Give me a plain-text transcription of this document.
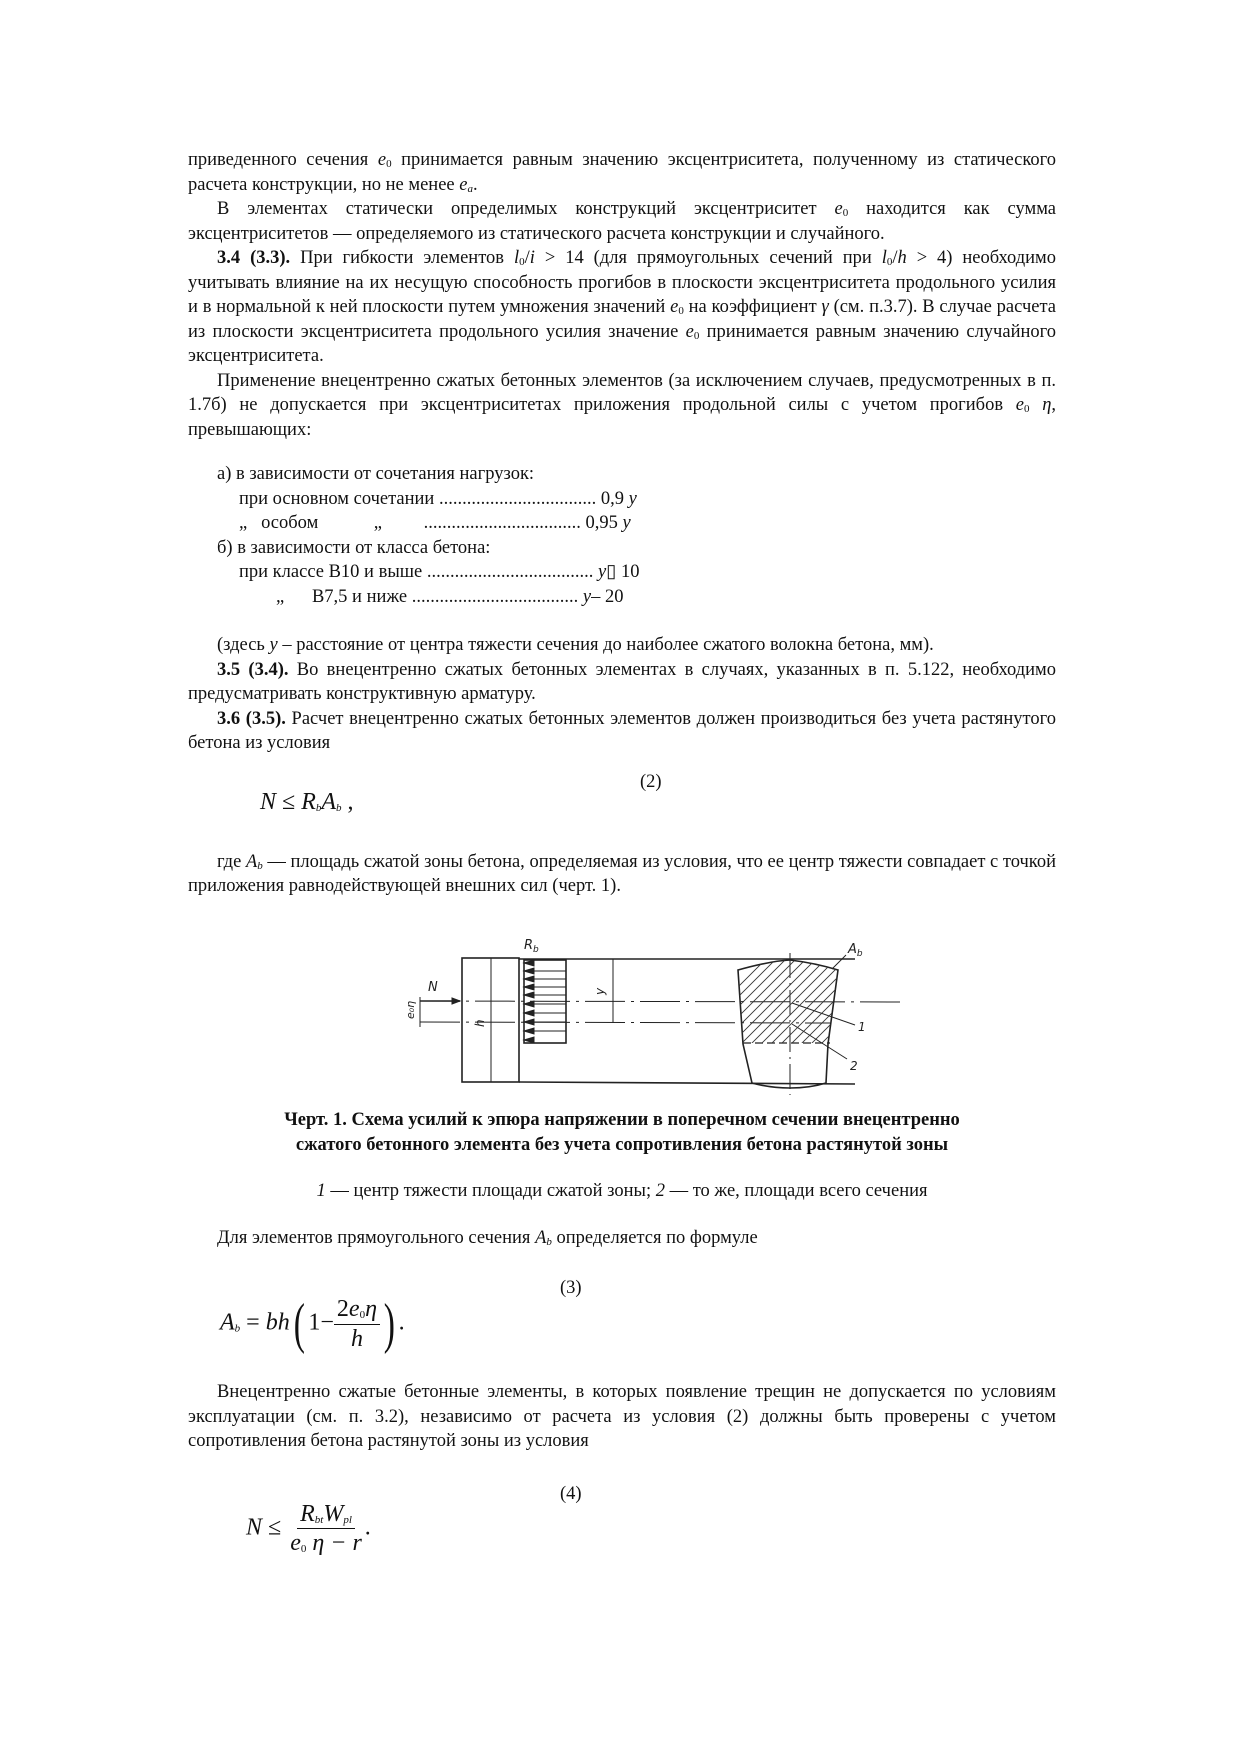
приведенного сечения $e_0$ принимается равным значению эксцентриситета, полученному из статического расчета конструкции, но не менее $e_a$.

В элементах статически определимых конструкций эксцентриситет $e_0$ находится как сумма эксцентриситетов — определяемого из статического расчета конструкции и случайного.

3.4 (3.3). При гибкости элементов $l_0/i > 14$ (для прямоугольных сечений при $l_0/h > 4$) необходимо учитывать влияние на их несущую способность прогибов в плоскости эксцентриситета продольного усилия и в нормальной к ней плоскости путем умножения значений $e_0$ на коэффициент γ (см. п.3.7). В случае расчета из плоскости эксцентриситета продольного усилия значение $e_0$ принимается равным значению случайного эксцентриситета.

Применение внецентренно сжатых бетонных элементов (за исключением случаев, предусмотренных в п. 1.7б) не допускается при эксцентриситетах приложения продольной силы с учетом прогибов $e_0$ η, превышающих:

а) в зависимости от сочетания нагрузок:
при основном сочетании
..................................
0,9
y
„   особом            „ ..................................
0,95
y
б) в зависимости от класса бетона:
при классе В10 и выше
....................................
y ▯ 10
„      В7,5 и ниже
....................................
y – 20

(здесь y – расстояние от центра тяжести сечения до наиболее сжатого волокна бетона, мм).

3.5 (3.4). Во внецентренно сжатых бетонных элементах в случаях, указанных в п. 5.122, необходимо предусматривать конструктивную арматуру.

3.6 (3.5). Расчет внецентренно сжатых бетонных элементов должен производиться без учета растянутого бетона из условия

(2)
$N \le R_bA_b$ ,

где $A_b$ — площадь сжатой зоны бетона, определяемая из условия, что ее центр тяжести совпадает с точкой приложения равнодействующей внешних сил (черт. 1).

$R_b$	$A_b$
N
e₀η
y
h	1
2

Черт. 1. Схема усилий к эпюра напряжении в поперечном сечении внецентренно
сжатого бетонного элемента без учета сопротивления бетона растянутой зоны

1 — центр тяжести площади сжатой зоны; 2 — то же, площади всего сечения

Для элементов прямоугольного сечения $A_b$ определяется по формуле

(3)
$A_b = bh$( $1- \frac{2e_0\eta}{h}$ ) .

Внецентренно сжатые бетонные элементы, в которых появление трещин не допускается по условиям эксплуатации (см. п. 3.2), независимо от расчета из условия (2) должны быть проверены с учетом сопротивления бетона растянутой зоны из условия

(4)
$N \le \frac{R_{bt}W_{pl}}{e_0 \eta - r}$ .
